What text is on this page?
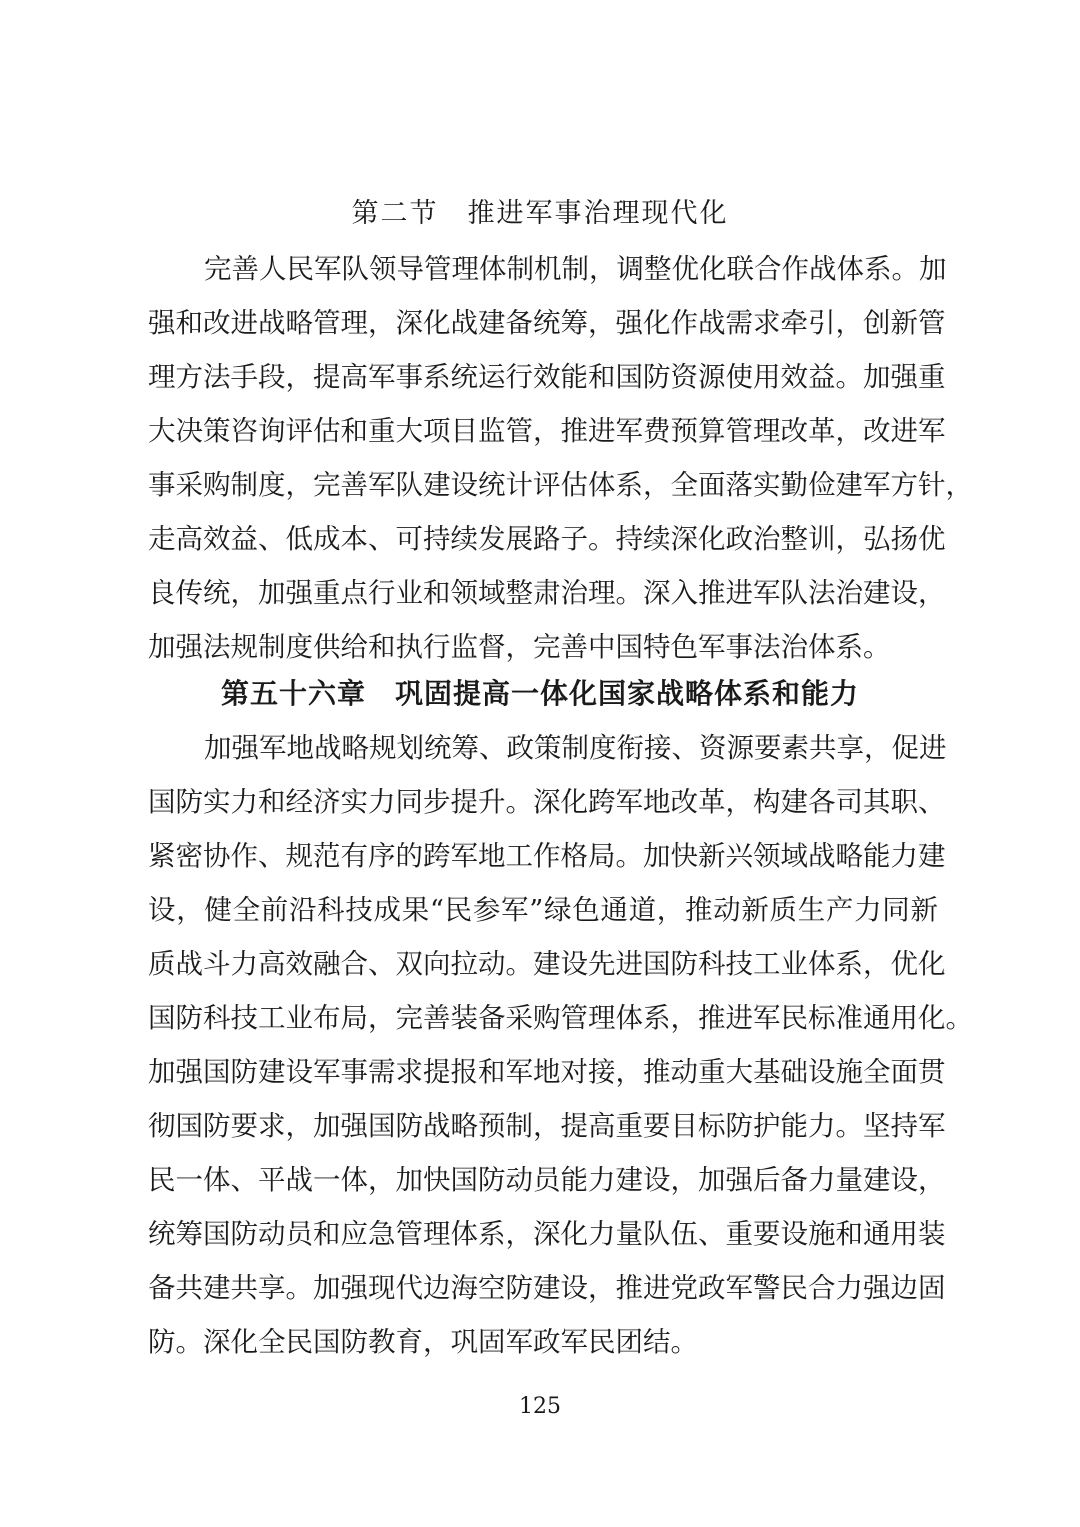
第二节　推进军事治理现代化
完善人民军队领导管理体制机制，调整优化联合作战体系。加
强和改进战略管理，深化战建备统筹，强化作战需求牵引，创新管
理方法手段，提高军事系统运行效能和国防资源使用效益。加强重
大决策咨询评估和重大项目监管，推进军费预算管理改革，改进军
事采购制度，完善军队建设统计评估体系，全面落实勤俭建军方针，
走高效益、低成本、可持续发展路子。持续深化政治整训，弘扬优
良传统，加强重点行业和领域整肃治理。深入推进军队法治建设，
加强法规制度供给和执行监督，完善中国特色军事法治体系。
第五十六章　巩固提高一体化国家战略体系和能力
加强军地战略规划统筹、政策制度衔接、资源要素共享，促进
国防实力和经济实力同步提升。深化跨军地改革，构建各司其职、
紧密协作、规范有序的跨军地工作格局。加快新兴领域战略能力建
设，健全前沿科技成果“民参军”绿色通道，推动新质生产力同新
质战斗力高效融合、双向拉动。建设先进国防科技工业体系，优化
国防科技工业布局，完善装备采购管理体系，推进军民标准通用化。
加强国防建设军事需求提报和军地对接，推动重大基础设施全面贯
彻国防要求，加强国防战略预制，提高重要目标防护能力。坚持军
民一体、平战一体，加快国防动员能力建设，加强后备力量建设，
统筹国防动员和应急管理体系，深化力量队伍、重要设施和通用装
备共建共享。加强现代边海空防建设，推进党政军警民合力强边固
防。深化全民国防教育，巩固军政军民团结。
125
